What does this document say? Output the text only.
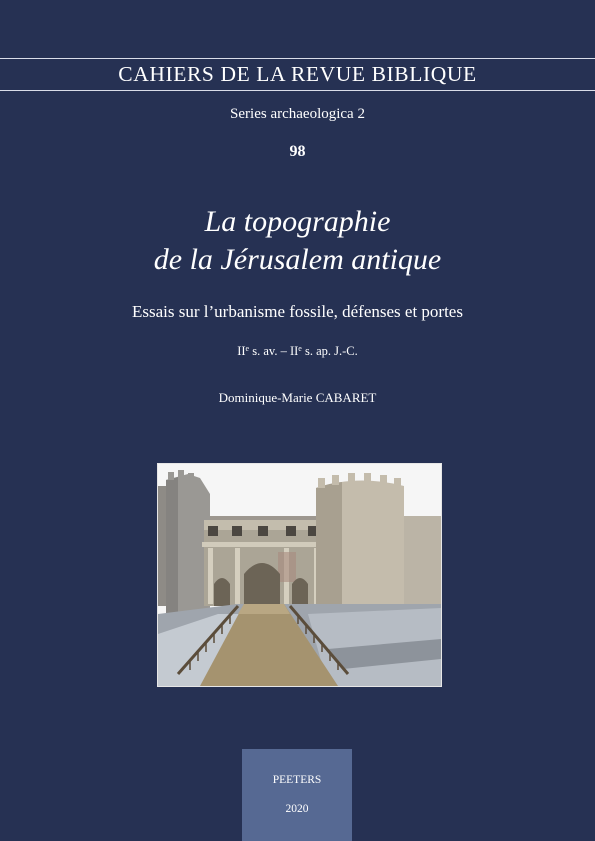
CAHIERS DE LA REVUE BIBLIQUE
Series archaeologica 2
98
La topographie
de la Jérusalem antique
Essais sur l’urbanisme fossile, défenses et portes
IIe s. av. – IIe s. ap. J.-C.
Dominique-Marie CABARET
PEETERS
2020
